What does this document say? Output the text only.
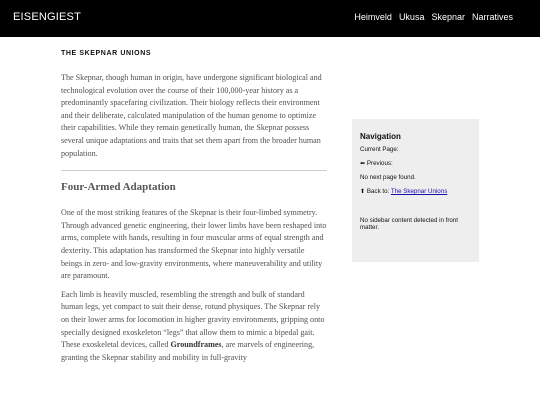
EISENGIEST	Heimveld Ukusa Skepnar Narratives
THE SKEPNAR UNIONS

The Skepnar, though human in origin, have undergone significant biological and technological evolution over the course of their 100,000-year history as a predominantly spacefaring civilization. Their biology reflects their environment and their deliberate, calculated manipulation of the human genome to optimize their capabilities. While they remain genetically human, the Skepnar possess several unique adaptations and traits that set them apart from the broader human population.

Four-Armed Adaptation

One of the most striking features of the Skepnar is their four-limbed symmetry. Through advanced genetic engineering, their lower limbs have been reshaped into arms, complete with hands, resulting in four muscular arms of equal strength and dexterity. This adaptation has transformed the Skepnar into highly versatile beings in zero- and low-gravity environments, where maneuverability and utility are paramount.

Each limb is heavily muscled, resembling the strength and bulk of standard human legs, yet compact to suit their dense, rotund physiques. The Skepnar rely on their lower arms for locomotion in higher gravity environments, gripping onto specially designed exoskeleton “legs” that allow them to mimic a bipedal gait. These exoskeletal devices, called Groundframes, are marvels of engineering, granting the Skepnar stability and mobility in full-gravity

Navigation
Current Page:
⬅ Previous:
No next page found.
⬆ Back to: The Skepnar Unions
No sidebar content detected in front matter.
